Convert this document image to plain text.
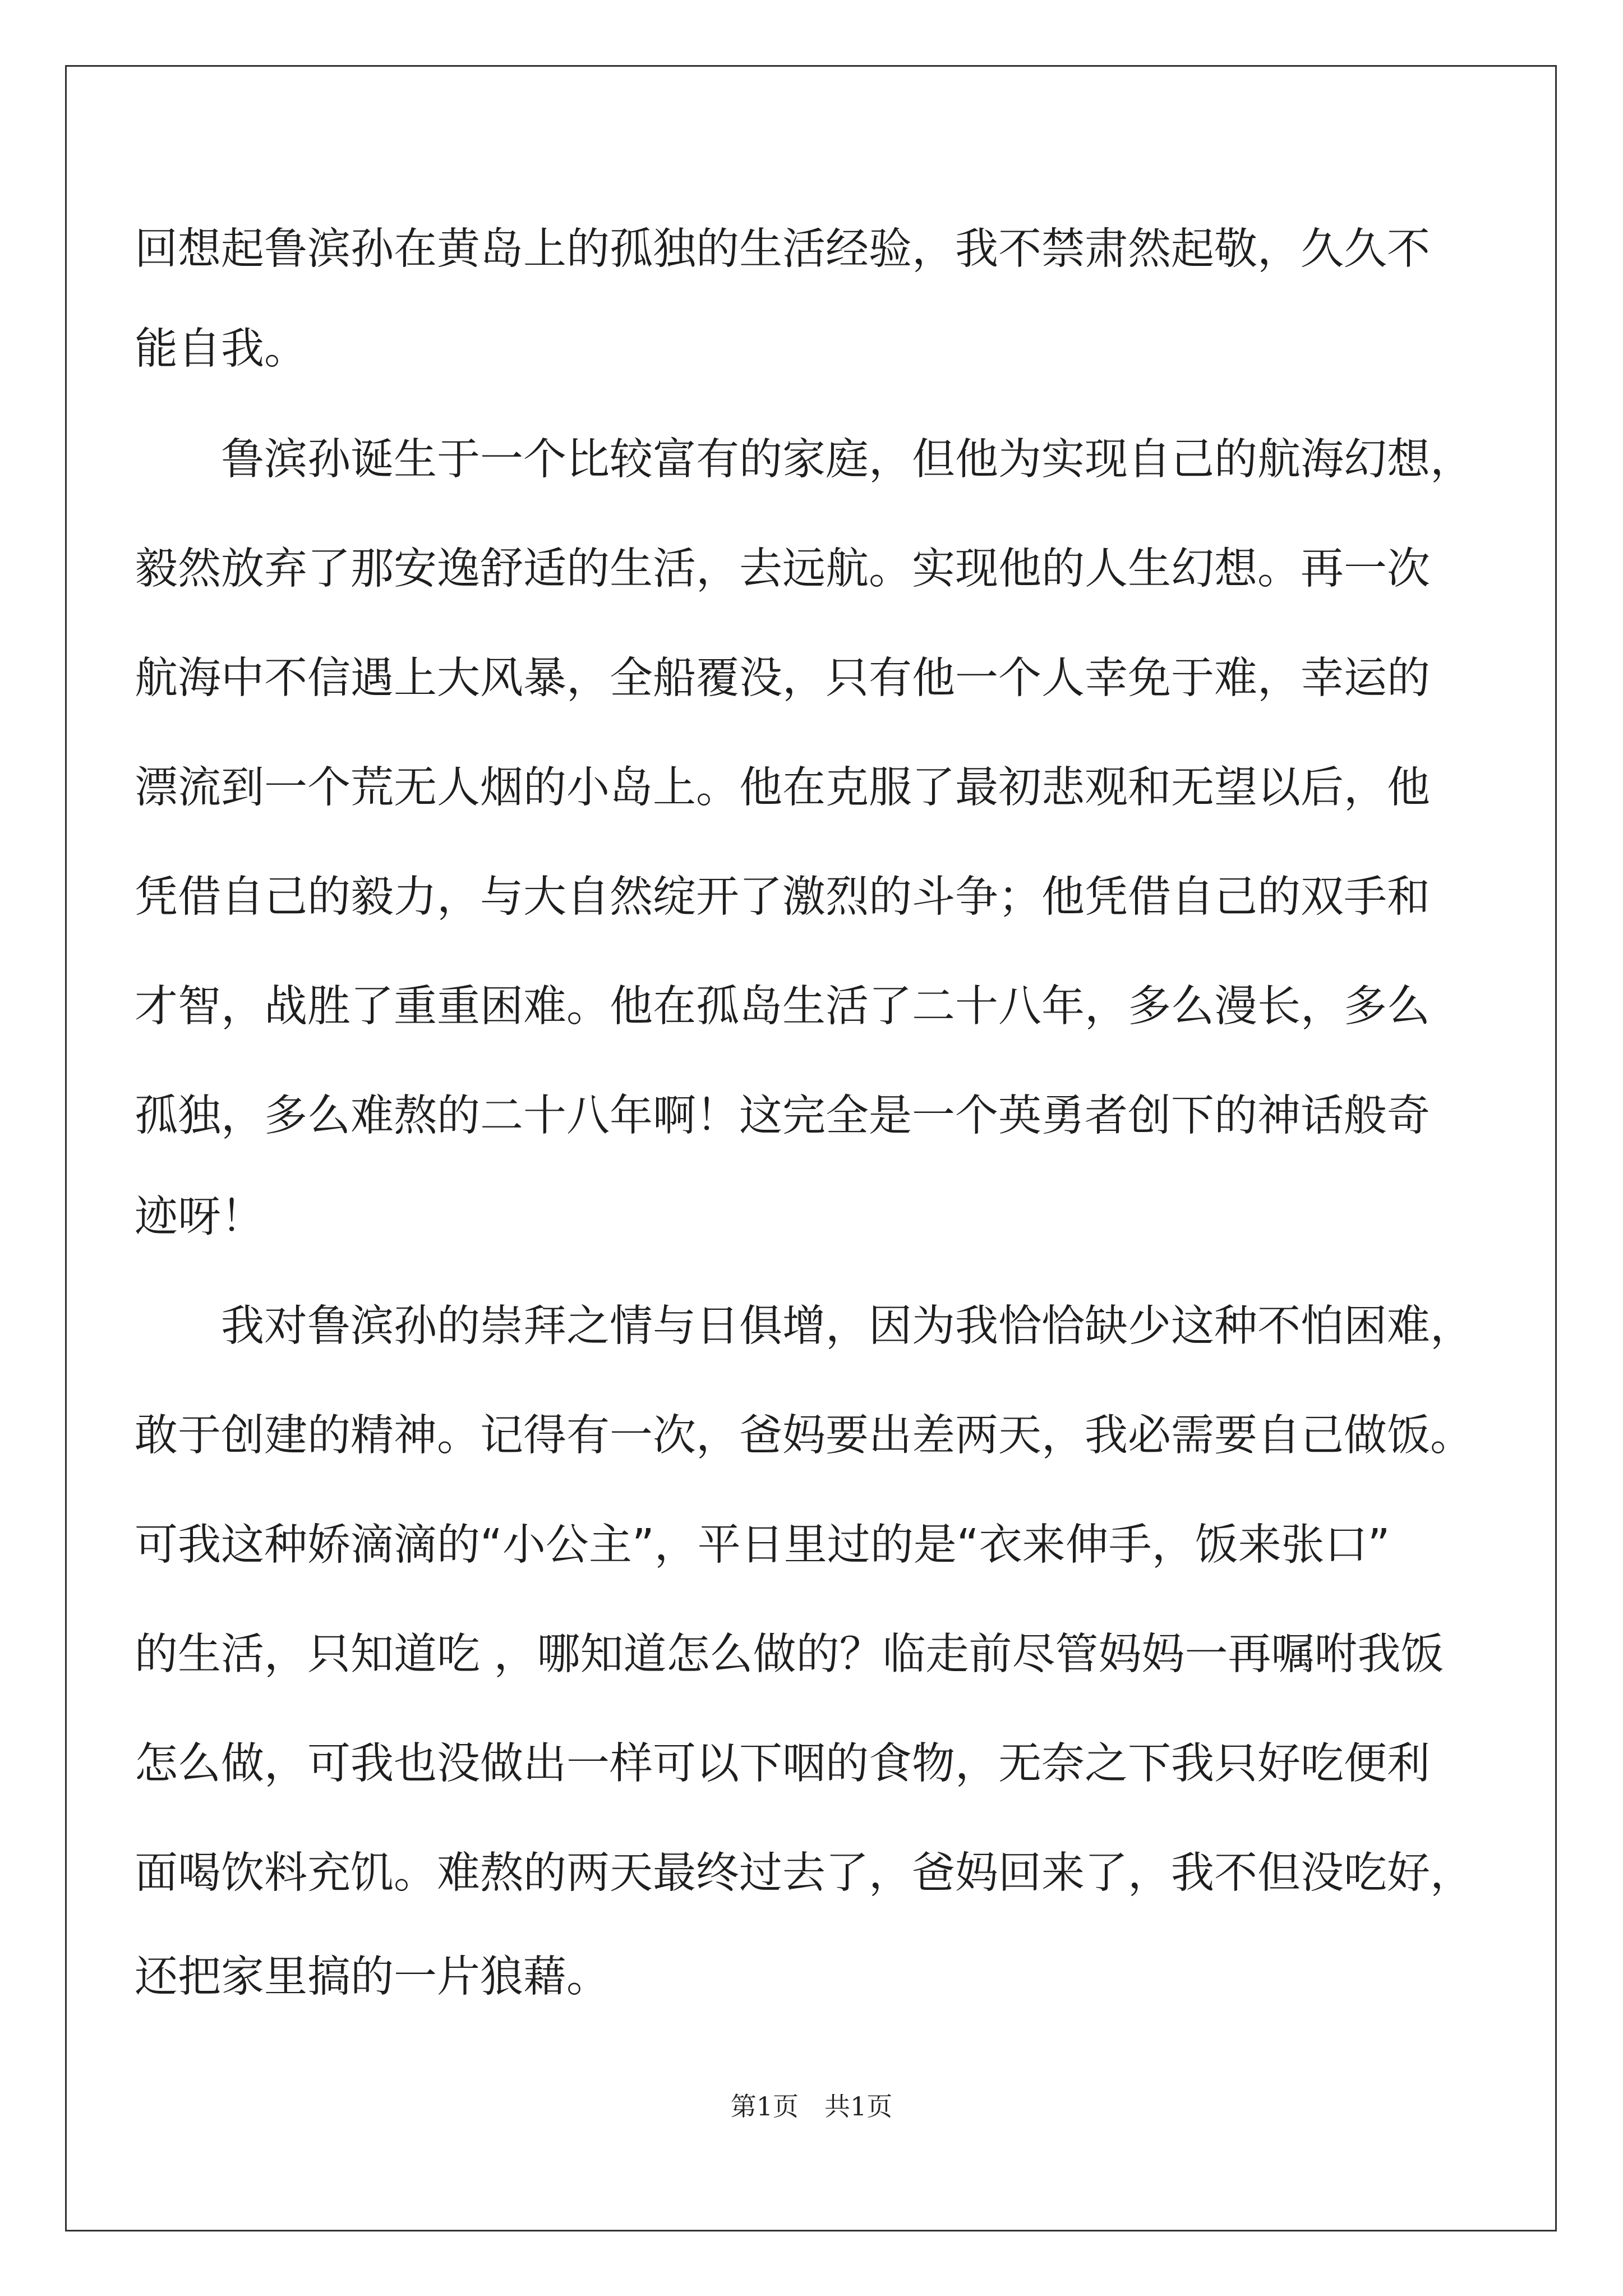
回想起鲁滨孙在黄岛上的孤独的生活经验，我不禁肃然起敬，久久不
能自我。
　　鲁滨孙诞生于一个比较富有的家庭，但他为实现自己的航海幻想，
毅然放弃了那安逸舒适的生活，去远航。实现他的人生幻想。再一次
航海中不信遇上大风暴，全船覆没，只有他一个人幸免于难，幸运的
漂流到一个荒无人烟的小岛上。他在克服了最初悲观和无望以后，他
凭借自己的毅力，与大自然绽开了激烈的斗争；他凭借自己的双手和
才智，战胜了重重困难。他在孤岛生活了二十八年，多么漫长，多么
孤独，多么难熬的二十八年啊！这完全是一个英勇者创下的神话般奇
迹呀！
　　我对鲁滨孙的崇拜之情与日俱增，因为我恰恰缺少这种不怕困难，
敢于创建的精神。记得有一次，爸妈要出差两天，我必需要自己做饭。
可我这种娇滴滴的“小公主”，平日里过的是“衣来伸手，饭来张口”
的生活，只知道吃 ，哪知道怎么做的？临走前尽管妈妈一再嘱咐我饭
怎么做，可我也没做出一样可以下咽的食物，无奈之下我只好吃便利
面喝饮料充饥。难熬的两天最终过去了，爸妈回来了，我不但没吃好，
还把家里搞的一片狼藉。
第1页　共1页
